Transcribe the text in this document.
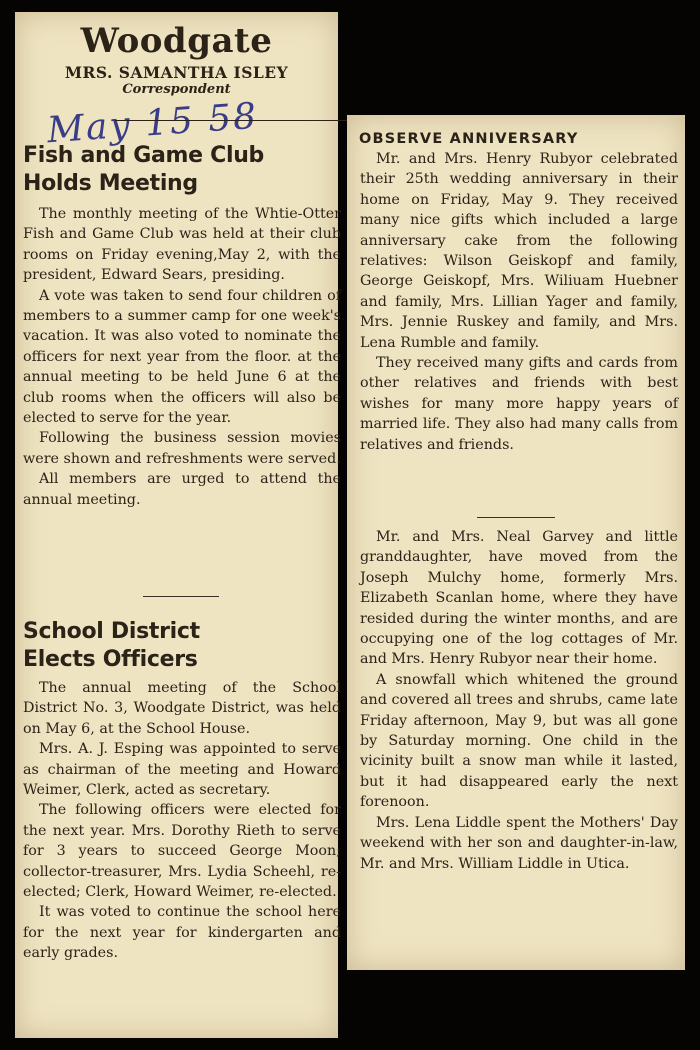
Woodgate
MRS. SAMANTHA ISLEY
Correspondent
May 15 58
Fish and Game Club
Holds Meeting

The monthly meeting of the Whtie-Otter Fish and Game Club was held at their club rooms on Friday evening,May 2, with the president, Edward Sears, presiding.

A vote was taken to send four children of members to a summer camp for one week's vacation. It was also voted to nominate the officers for next year from the floor. at the annual meeting to be held June 6 at the club rooms when the officers will also be elected to serve for the year.

Following the business session movies were shown and refreshments were served.

All members are urged to attend the annual meeting.

School District
Elects Officers

The annual meeting of the School District No. 3, Woodgate District, was held on May 6, at the School House.

Mrs. A. J. Esping was appointed to serve as chairman of the meeting and Howard Weimer, Clerk, acted as secretary.

The following officers were elected for the next year. Mrs. Dorothy Rieth to serve for 3 years to succeed George Moon; collector-treasurer, Mrs. Lydia Scheehl, re-elected; Clerk, Howard Weimer, re-elected.

It was voted to continue the school here for the next year for kindergarten and early grades.

OBSERVE ANNIVERSARY

Mr. and Mrs. Henry Rubyor celebrated their 25th wedding anniversary in their home on Friday, May 9. They received many nice gifts which included a large anniversary cake from the following relatives: Wilson Geiskopf and family, George Geiskopf, Mrs. Wiliuam Huebner and family, Mrs. Lillian Yager and family, Mrs. Jennie Ruskey and family, and Mrs. Lena Rumble and family.

They received many gifts and cards from other relatives and friends with best wishes for many more happy years of married life. They also had many calls from relatives and friends.

Mr. and Mrs. Neal Garvey and little granddaughter, have moved from the Joseph Mulchy home, formerly Mrs. Elizabeth Scanlan home, where they have resided during the winter months, and are occupying one of the log cottages of Mr. and Mrs. Henry Rubyor near their home.

A snowfall which whitened the ground and covered all trees and shrubs, came late Friday afternoon, May 9, but was all gone by Saturday morning. One child in the vicinity built a snow man while it lasted, but it had disappeared early the next forenoon.

Mrs. Lena Liddle spent the Mothers' Day weekend with her son and daughter-in-law, Mr. and Mrs. William Liddle in Utica.
